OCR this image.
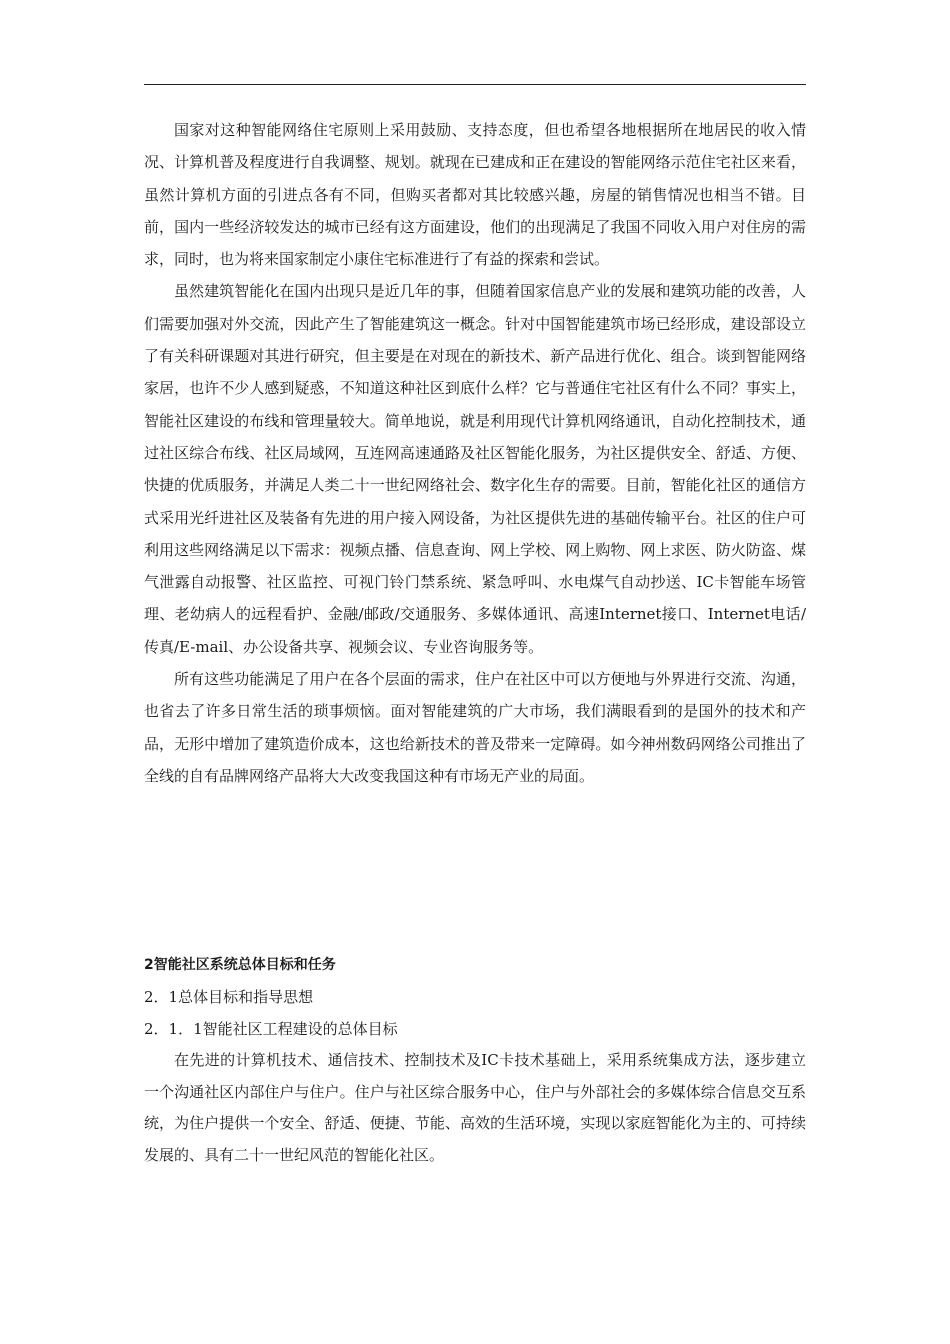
国家对这种智能网络住宅原则上采用鼓励、支持态度，但也希望各地根据所在地居民的收入情况、计算机普及程度进行自我调整、规划。就现在已建成和正在建设的智能网络示范住宅社区来看，虽然计算机方面的引进点各有不同，但购买者都对其比较感兴趣，房屋的销售情况也相当不错。目前，国内一些经济较发达的城市已经有这方面建设，他们的出现满足了我国不同收入用户对住房的需求，同时，也为将来国家制定小康住宅标准进行了有益的探索和尝试。

虽然建筑智能化在国内出现只是近几年的事，但随着国家信息产业的发展和建筑功能的改善，人们需要加强对外交流，因此产生了智能建筑这一概念。针对中国智能建筑市场已经形成，建设部设立了有关科研课题对其进行研究，但主要是在对现在的新技术、新产品进行优化、组合。谈到智能网络家居，也许不少人感到疑惑，不知道这种社区到底什么样？它与普通住宅社区有什么不同？事实上，智能社区建设的布线和管理量较大。简单地说，就是利用现代计算机网络通讯，自动化控制技术，通过社区综合布线、社区局域网，互连网高速通路及社区智能化服务，为社区提供安全、舒适、方便、快捷的优质服务，并满足人类二十一世纪网络社会、数字化生存的需要。目前，智能化社区的通信方式采用光纤进社区及装备有先进的用户接入网设备，为社区提供先进的基础传输平台。社区的住户可利用这些网络满足以下需求：视频点播、信息查询、网上学校、网上购物、网上求医、防火防盗、煤气泄露自动报警、社区监控、可视门铃门禁系统、紧急呼叫、水电煤气自动抄送、IC卡智能车场管理、老幼病人的远程看护、金融/邮政/交通服务、多媒体通讯、高速Internet接口、Internet电话/传真/E-mail、办公设备共享、视频会议、专业咨询服务等。

所有这些功能满足了用户在各个层面的需求，住户在社区中可以方便地与外界进行交流、沟通，也省去了许多日常生活的琐事烦恼。面对智能建筑的广大市场，我们满眼看到的是国外的技术和产品，无形中增加了建筑造价成本，这也给新技术的普及带来一定障碍。如今神州数码网络公司推出了全线的自有品牌网络产品将大大改变我国这种有市场无产业的局面。

2智能社区系统总体目标和任务

2．1总体目标和指导思想

2．1．1智能社区工程建设的总体目标

在先进的计算机技术、通信技术、控制技术及IC卡技术基础上，采用系统集成方法，逐步建立一个沟通社区内部住户与住户。住户与社区综合服务中心，住户与外部社会的多媒体综合信息交互系统，为住户提供一个安全、舒适、便捷、节能、高效的生活环境，实现以家庭智能化为主的、可持续发展的、具有二十一世纪风范的智能化社区。
